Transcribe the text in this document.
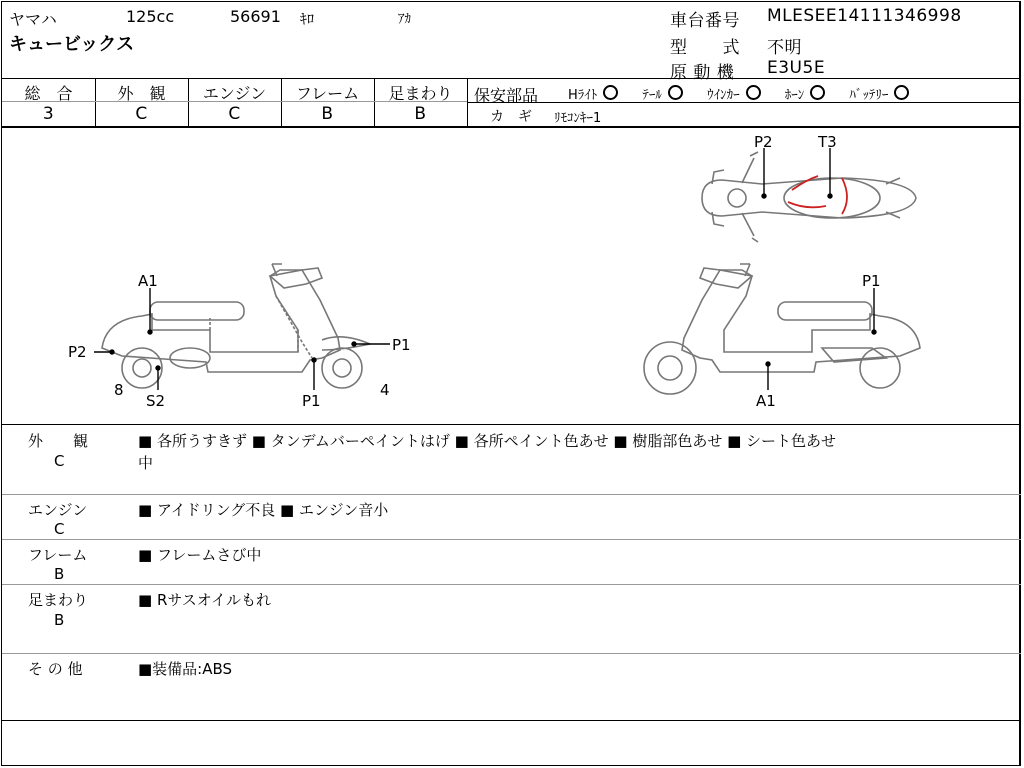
ヤマハ	125cc	56691 ｷﾛ	ｱｶ
キュービックス
車台番号 MLESEE14111346998
型　　式 不明
原 動 機 E3U5E
総　合
3
外　観
C
エンジン
C
フレーム
B
足まわり
B
保安部品 Hﾗｲﾄ	ﾃｰﾙ	ｳｲﾝｶｰ	ﾎｰﾝ	ﾊﾞｯﾃﾘｰ
カ　ギ ﾘﾓｺﾝｷｰ1
A1
P2	P1
8
S2	P1
4
P2	T3
P1
A1
外　　観
C
■ 各所うすきず ■ タンデムバーペイントはげ ■ 各所ペイント色あせ ■ 樹脂部色あせ ■ シート色あせ
中
エンジン
C
■ アイドリング不良 ■ エンジン音小
フレーム
B
■ フレームさび中
足まわり
B
■ Rサスオイルもれ
そ の 他	■装備品:ABS
